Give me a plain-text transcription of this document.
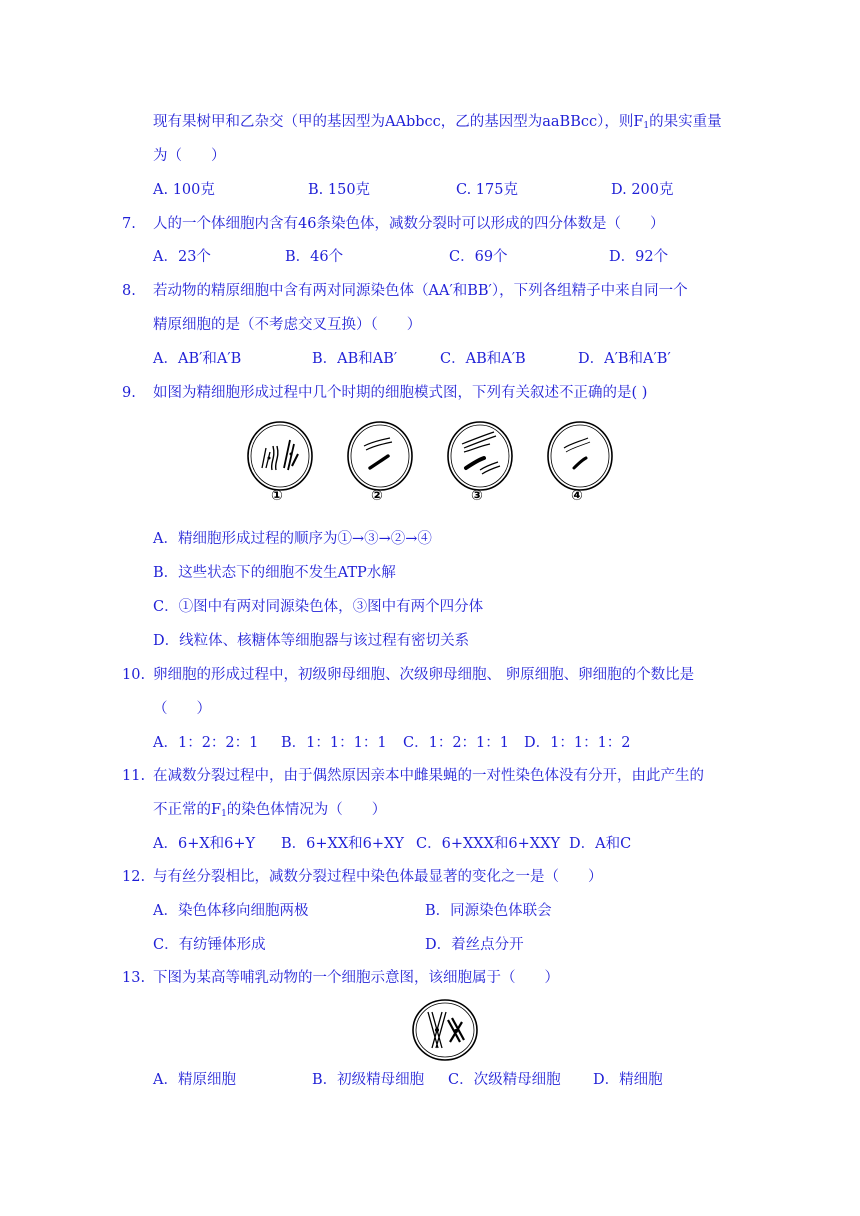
现有果树甲和乙杂交（甲的基因型为AAbbcc，乙的基因型为aaBBcc），则$F_1$的果实重量
为（　　）
A. 100克	B. 150克	C. 175克	D. 200克
7. 人的一个体细胞内含有46条染色体，减数分裂时可以形成的四分体数是（　　）
A．23个	B．46个	C．69个	D．92个
8. 若动物的精原细胞中含有两对同源染色体（AA′和BB′），下列各组精子中来自同一个
精原细胞的是（不考虑交叉互换）（　　）
A．AB′和A′B	B．AB和AB′	C．AB和A′B	D．A′B和A′B′
9. 如图为精细胞形成过程中几个时期的细胞模式图，下列有关叙述不正确的是( )
①	②	③	④
A．精细胞形成过程的顺序为①→③→②→④
B．这些状态下的细胞不发生ATP水解
C．①图中有两对同源染色体，③图中有两个四分体
D．线粒体、核糖体等细胞器与该过程有密切关系
10. 卵细胞的形成过程中，初级卵母细胞、次级卵母细胞、 卵原细胞、卵细胞的个数比是
（　　）
A．1：2：2：1 B．1：1：1：1 C．1：2：1：1 D．1：1：1：2
11. 在减数分裂过程中，由于偶然原因亲本中雌果蝇的一对性染色体没有分开，由此产生的
不正常的$F_1$的染色体情况为（　　）
A．6+X和6+Y B．6+XX和6+XY C．6+XXX和6+XXY D．A和C
12. 与有丝分裂相比，减数分裂过程中染色体最显著的变化之一是（　　）
A．染色体移向细胞两极	B．同源染色体联会
C．有纺锤体形成	D．着丝点分开
13. 下图为某高等哺乳动物的一个细胞示意图，该细胞属于（　　）
A．精原细胞	B．初级精母细胞 C．次级精母细胞 D．精细胞
